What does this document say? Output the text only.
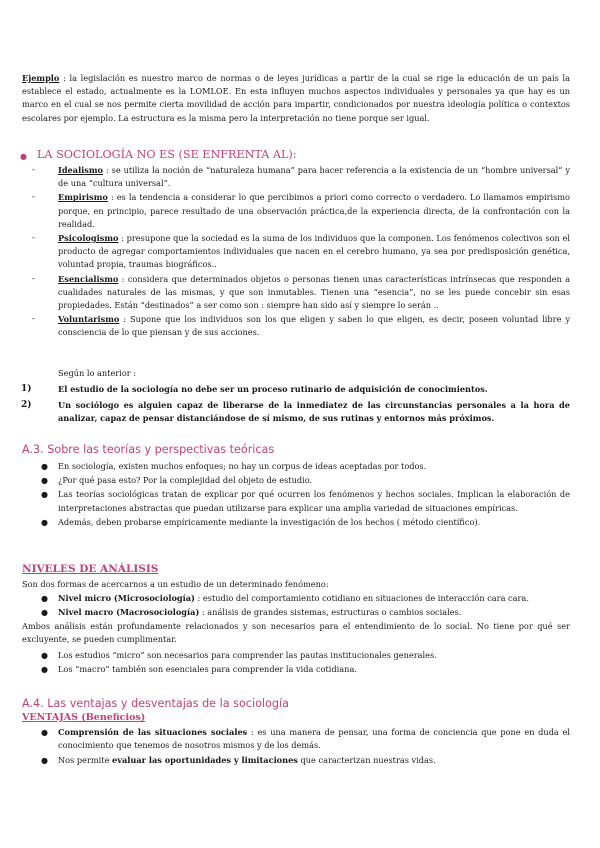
Ejemplo : la legislación es nuestro marco de normas o de leyes jurídicas a partir de la cual se rige la educación de un país la establece el estado, actualmente es la LOMLOE. En esta influyen muchos aspectos individuales y personales ya que hay es un marco en el cual se nos permite cierta movilidad de acción para impartir, condicionados por nuestra ideología política o contextos escolares por ejemplo. La estructura es la misma pero la interpretación no tiene porque ser igual.

● LA SOCIOLOGÍA NO ES (SE ENFRENTA AL):
-	Idealismo : se utiliza la noción de “naturaleza humana” para hacer referencia a la existencia de un “hombre universal” y de una “cultura universal”.
-	Empirismo : es la tendencia a considerar lo que percibimos a priori como correcto o verdadero. Lo llamamos empirismo porque, en principio, parece resultado de una observación práctica,de la experiencia directa, de la confrontación con la realidad.
-	Psicologismo : presupone que la sociedad es la suma de los individuos que la componen. Los fenómenos colectivos son el producto de agregar comportamientos individuales que nacen en el cerebro humano, ya sea por predisposición genética, voluntad propia, traumas biográficos..
-	Esencialismo : considera que determinados objetos o personas tienen unas características intrínsecas que responden a cualidades naturales de las mismas, y que son inmutables. Tienen una “esencia”, no se les puede concebir sin esas propiedades. Están “destinados” a ser como son : siempre han sido así y siempre lo serán ..
-	Voluntarismo : Supone que los individuos son los que eligen y saben lo que eligen, es decir, poseen voluntad libre y consciencia de lo que piensan y de sus acciones.

Según lo anterior :

1)	El estudio de la sociología no debe ser un proceso rutinario de adquisición de conocimientos.
2)	Un sociólogo es alguien capaz de liberarse de la inmediatez de las circunstancias personales a la hora de analizar, capaz de pensar distanciándose de sí mismo, de sus rutinas y entornos más próximos.

A.3. Sobre las teorías y perspectivas teóricas

● En sociología, existen muchos enfoques; no hay un corpus de ideas aceptadas por todos.
● ¿Por qué pasa esto? Por la complejidad del objeto de estudio.
● Las teorías sociológicas tratan de explicar por qué ocurren los fenómenos y hechos sociales. Implican la elaboración de interpretaciones abstractas que puedan utilizarse para explicar una amplia variedad de situaciones empíricas.
● Además, deben probarse empíricamente mediante la investigación de los hechos ( método científico).

NIVELES DE ANÁLISIS

Son dos formas de acercarnos a un estudio de un determinado fenómeno:

● Nivel micro (Microsociología) : estudio del comportamiento cotidiano en situaciones de interacción cara cara.
● Nivel macro (Macrosociología) : análisis de grandes sistemas, estructuras o cambios sociales.

Ambos análisis están profundamente relacionados y son necesarios para el entendimiento de lo social. No tiene por qué ser excluyente, se pueden cumplimentar.

● Los estudios “micro” son necesarios para comprender las pautas institucionales generales.
● Los “macro” también son esenciales para comprender la vida cotidiana.

A.4. Las ventajas y desventajas de la sociología

VENTAJAS (Beneficios)

● Comprensión de las situaciones sociales : es una manera de pensar, una forma de conciencia que pone en duda el conocimiento que tenemos de nosotros mismos y de los demás.
● Nos permite evaluar las oportunidades y limitaciones que caracterizan nuestras vidas.
